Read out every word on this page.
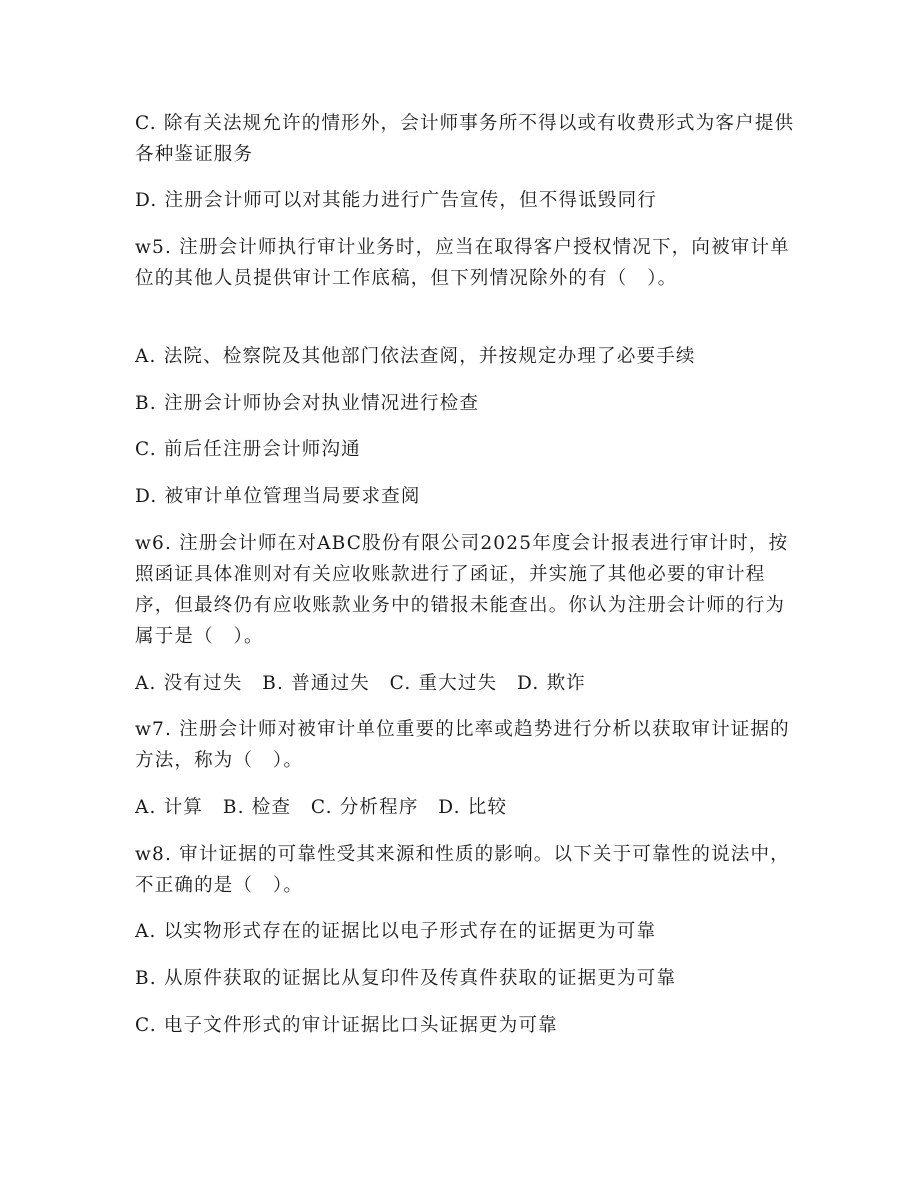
C. 除有关法规允许的情形外，会计师事务所不得以或有收费形式为客户提供各种鉴证服务

D. 注册会计师可以对其能力进行广告宣传，但不得诋毁同行

w5. 注册会计师执行审计业务时，应当在取得客户授权情况下，向被审计单位的其他人员提供审计工作底稿，但下列情况除外的有（　）。

A. 法院、检察院及其他部门依法查阅，并按规定办理了必要手续

B. 注册会计师协会对执业情况进行检查

C. 前后任注册会计师沟通

D. 被审计单位管理当局要求查阅

w6. 注册会计师在对ABC股份有限公司2025年度会计报表进行审计时，按照函证具体准则对有关应收账款进行了函证，并实施了其他必要的审计程序，但最终仍有应收账款业务中的错报未能查出。你认为注册会计师的行为属于是（　）。

A. 没有过失　B. 普通过失　C. 重大过失　D. 欺诈

w7. 注册会计师对被审计单位重要的比率或趋势进行分析以获取审计证据的方法，称为（　）。

A. 计算　B. 检查　C. 分析程序　D. 比较

w8. 审计证据的可靠性受其来源和性质的影响。以下关于可靠性的说法中，不正确的是（　）。

A. 以实物形式存在的证据比以电子形式存在的证据更为可靠

B. 从原件获取的证据比从复印件及传真件获取的证据更为可靠

C. 电子文件形式的审计证据比口头证据更为可靠
